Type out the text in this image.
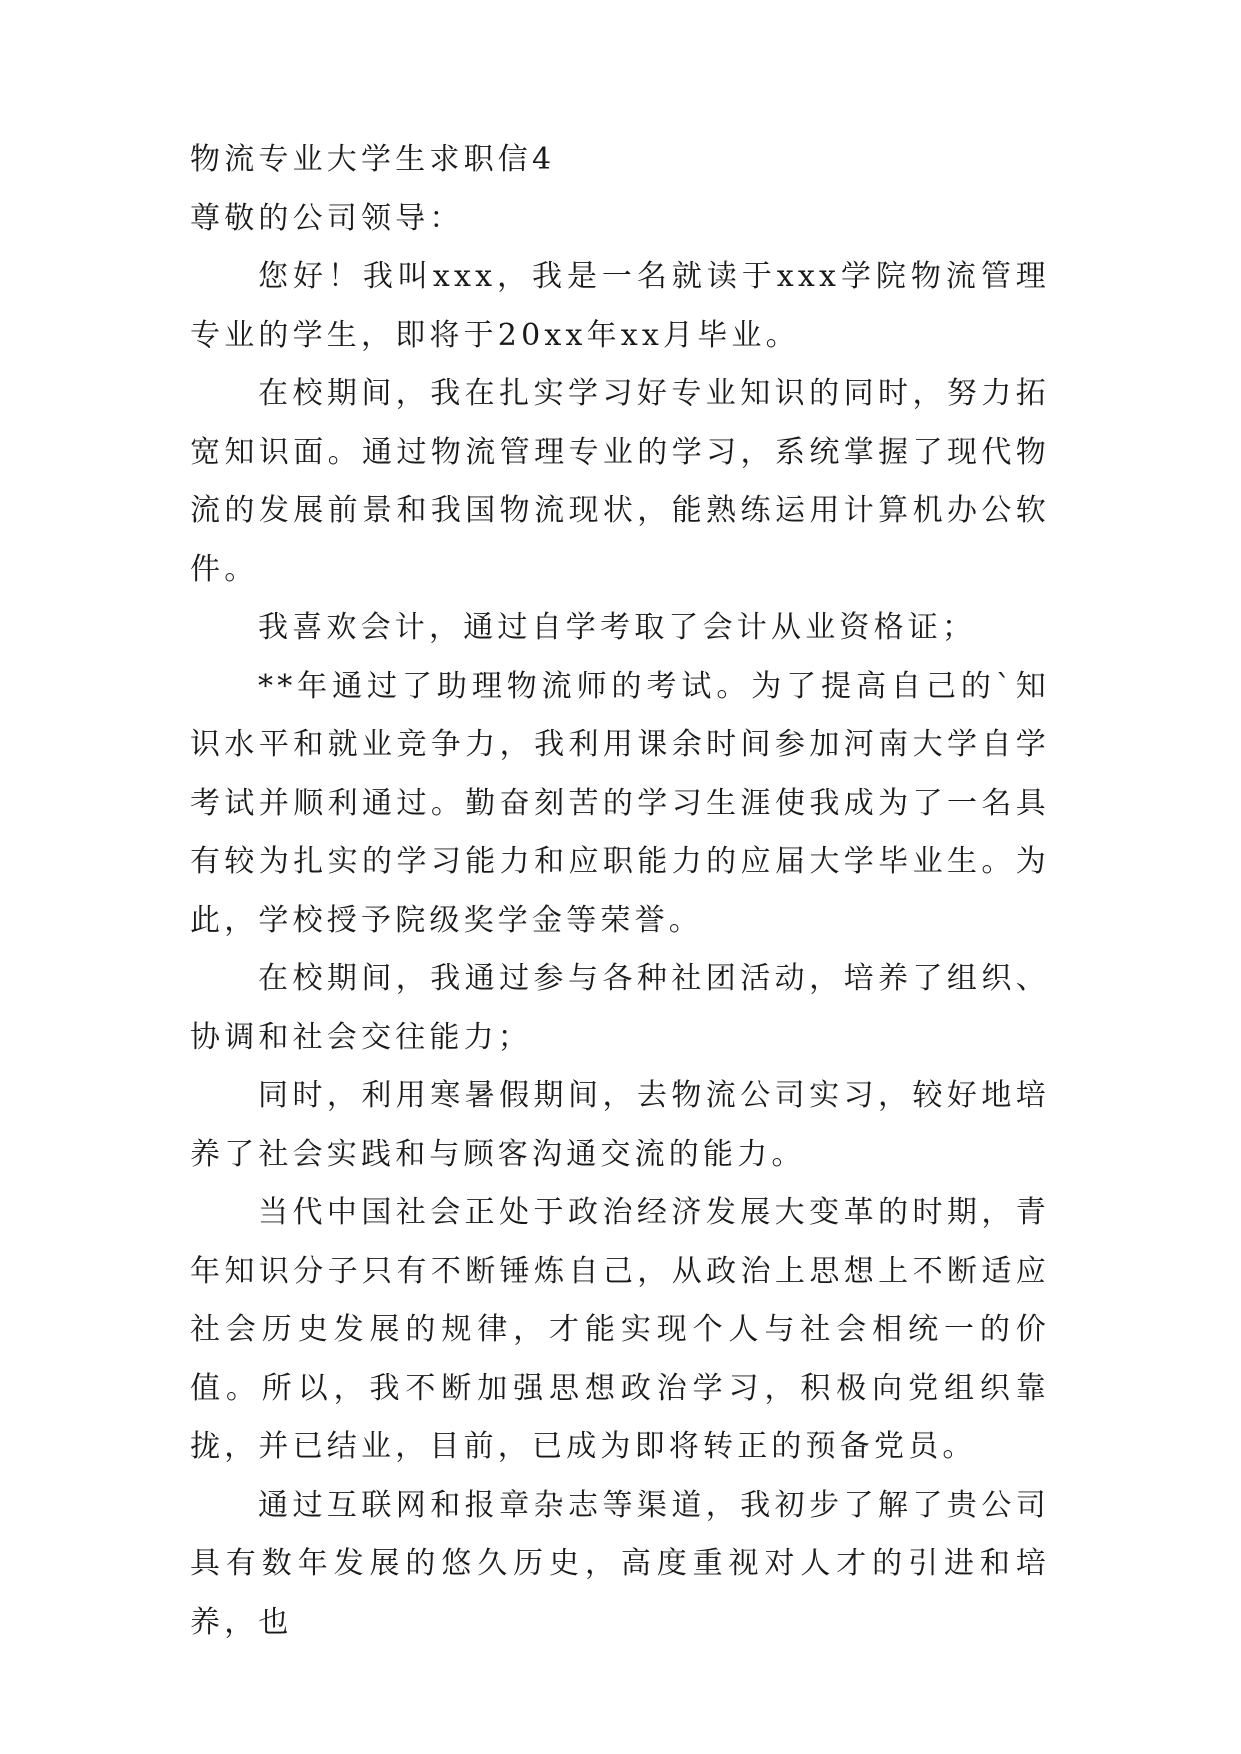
物流专业大学生求职信4

尊敬的公司领导：

您好！我叫xxx，我是一名就读于xxx学院物流管理专业的学生，即将于20xx年xx月毕业。

在校期间，我在扎实学习好专业知识的同时，努力拓宽知识面。通过物流管理专业的学习，系统掌握了现代物流的发展前景和我国物流现状，能熟练运用计算机办公软件。

我喜欢会计，通过自学考取了会计从业资格证；

**年通过了助理物流师的考试。为了提高自己的`知识水平和就业竞争力，我利用课余时间参加河南大学自学考试并顺利通过。勤奋刻苦的学习生涯使我成为了一名具有较为扎实的学习能力和应职能力的应届大学毕业生。为此，学校授予院级奖学金等荣誉。

在校期间，我通过参与各种社团活动，培养了组织、协调和社会交往能力；

同时，利用寒暑假期间，去物流公司实习，较好地培养了社会实践和与顾客沟通交流的能力。

当代中国社会正处于政治经济发展大变革的时期，青年知识分子只有不断锤炼自己，从政治上思想上不断适应社会历史发展的规律，才能实现个人与社会相统一的价值。所以，我不断加强思想政治学习，积极向党组织靠拢，并已结业，目前，已成为即将转正的预备党员。

通过互联网和报章杂志等渠道，我初步了解了贵公司具有数年发展的悠久历史，高度重视对人才的引进和培养，也
